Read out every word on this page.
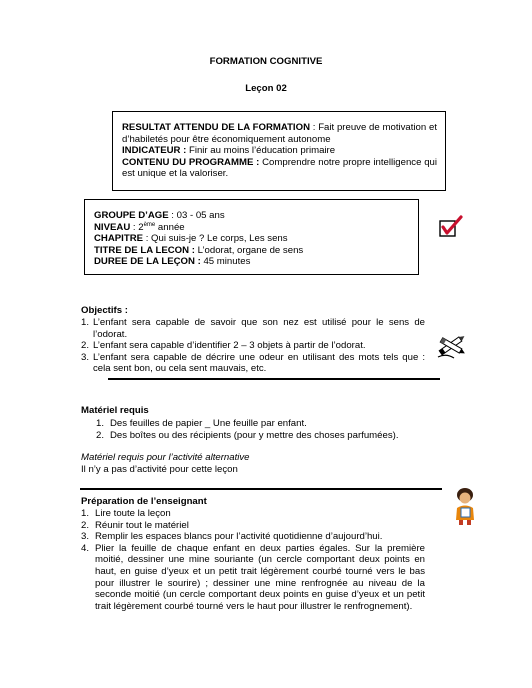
FORMATION COGNITIVE
Leçon 02

RESULTAT ATTENDU DE LA FORMATION : Fait preuve de motivation et d’habiletés pour être économiquement autonome

INDICATEUR : Finir au moins l’éducation primaire

CONTENU DU PROGRAMME : Comprendre notre propre intelligence qui est unique et la valoriser.

GROUPE D’AGE : 03 - 05 ans

NIVEAU : 2ème année

CHAPITRE : Qui suis-je ? Le corps, Les sens

TITRE DE LA LECON : L’odorat, organe de sens

DUREE DE LA LEÇON : 45 minutes

Objectifs :
1. L’enfant sera capable de savoir que son nez est utilisé pour le sens de l’odorat.
2. L’enfant sera capable d’identifier 2 – 3 objets à partir de l’odorat.
3. L’enfant sera capable de décrire une odeur en utilisant des mots tels que : cela sent bon, ou cela sent mauvais, etc.
Matériel requis
1. Des feuilles de papier _ Une feuille par enfant.
2. Des boîtes ou des récipients (pour y mettre des choses parfumées).
Matériel requis pour l’activité alternative
Il n’y a pas d’activité pour cette leçon
Préparation de l’enseignant
1. Lire toute la leçon
2. Réunir tout le matériel
3. Remplir les espaces blancs pour l’activité quotidienne d’aujourd’hui.
4. Plier la feuille de chaque enfant en deux parties égales. Sur la première moitié, dessiner une mine souriante (un cercle comportant deux points en haut, en guise d’yeux et un petit trait légèrement courbé tourné vers le bas pour illustrer le sourire) ; dessiner une mine renfrognée au niveau de la seconde moitié (un cercle comportant deux points en guise d’yeux et un petit trait légèrement courbé tourné vers le haut pour illustrer le renfrognement).
